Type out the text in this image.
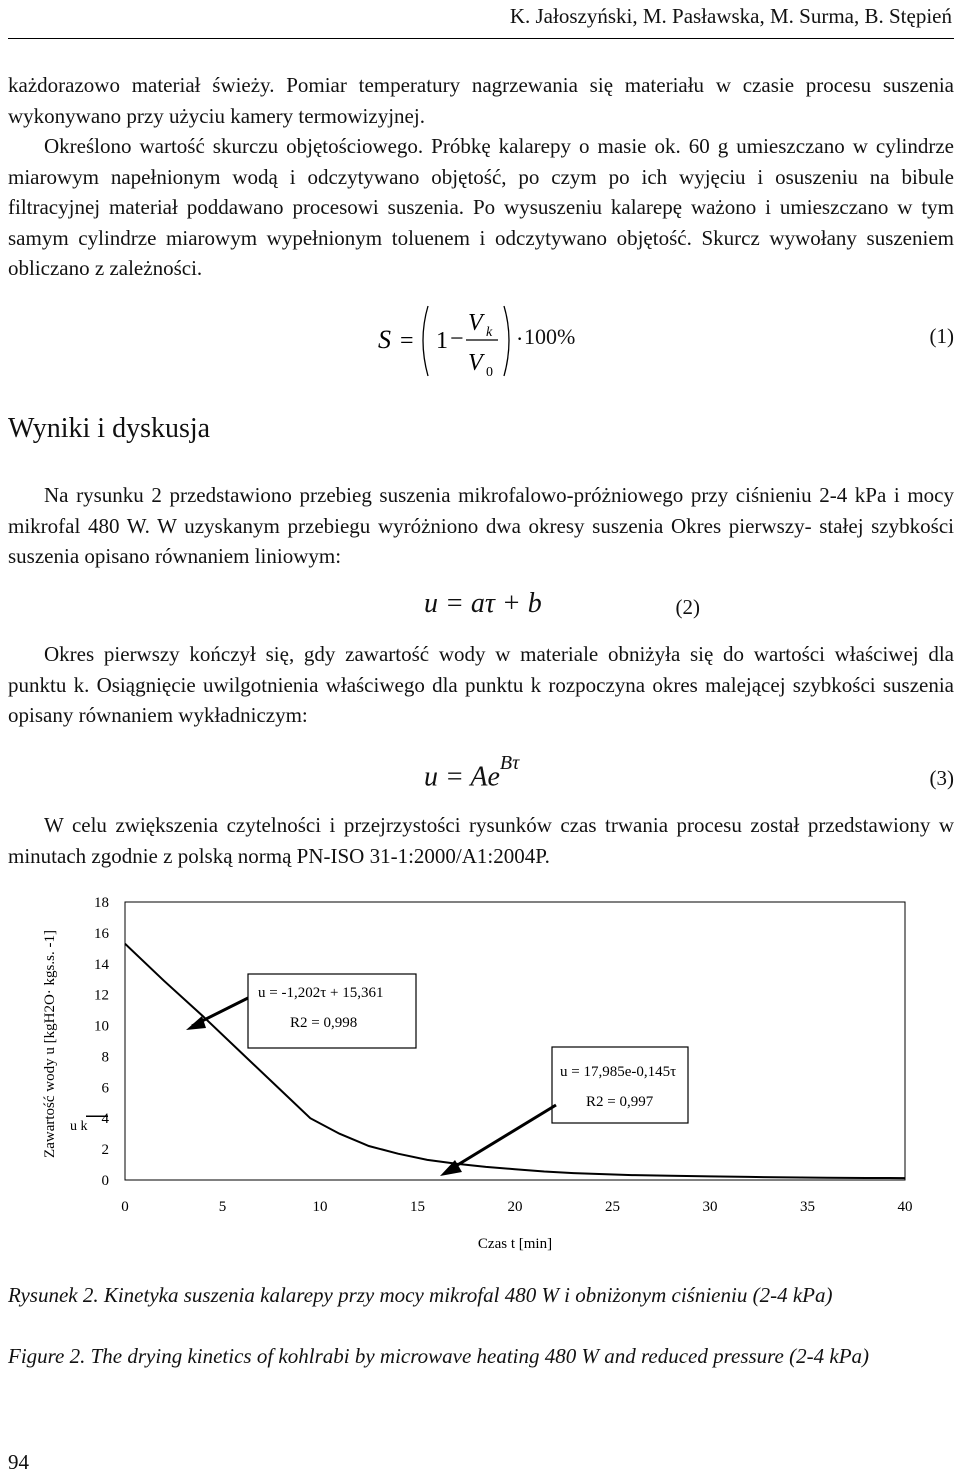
K. Jałoszyński, M. Pasławska, M. Surma, B. Stępień

każdorazowo materiał świeży. Pomiar temperatury nagrzewania się materiału w czasie procesu suszenia wykonywano przy użyciu kamery termowizyjnej.

Określono wartość skurczu objętościowego. Próbkę kalarepy o masie ok. 60 g umieszczano w cylindrze miarowym napełnionym wodą i odczytywano objętość, po czym po ich wyjęciu i osuszeniu na bibule filtracyjnej materiał poddawano procesowi suszenia. Po wysuszeniu kalarepę ważono i umieszczano w tym samym cylindrze miarowym wypełnionym toluenem i odczytywano objętość. Skurcz wywołany suszeniem obliczano z zależności.

S = 1 −
V k
V 0
· 100%	(1)
Wyniki i dyskusja

Na rysunku 2 przedstawiono przebieg suszenia mikrofalowo-próżniowego przy ciśnieniu 2-4 kPa i mocy mikrofal 480 W. W uzyskanym przebiegu wyróżniono dwa okresy suszenia Okres pierwszy- stałej szybkości suszenia opisano równaniem liniowym:

u = aτ + b	(2)

Okres pierwszy kończył się, gdy zawartość wody w materiale obniżyła się do wartości właściwej dla punktu k. Osiągnięcie uwilgotnienia właściwego dla punktu k rozpoczyna okres malejącej szybkości suszenia opisany równaniem wykładniczym:

$u = Ae^{B\tau}$
(3)

W celu zwiększenia czytelności i przejrzystości rysunków czas trwania procesu został przedstawiony w minutach zgodnie z polską normą PN-ISO 31-1:2000/A1:2004P.

0	5	10	15	20	25	30	35	40
0
2
4
6
8
10
12
14
16
18
u k
u = -1,202τ + 15,361
R2 = 0,998
u = 17,985e-0,145τ
R2 = 0,997
Czas t [min]
Zawartość wody u [kgH2O· kgs.s. -1]

Rysunek 2. Kinetyka suszenia kalarepy przy mocy mikrofal 480 W i obniżonym ciśnieniu (2-4 kPa)

Figure 2. The drying kinetics of kohlrabi by microwave heating 480 W and reduced pressure (2-4 kPa)

94
